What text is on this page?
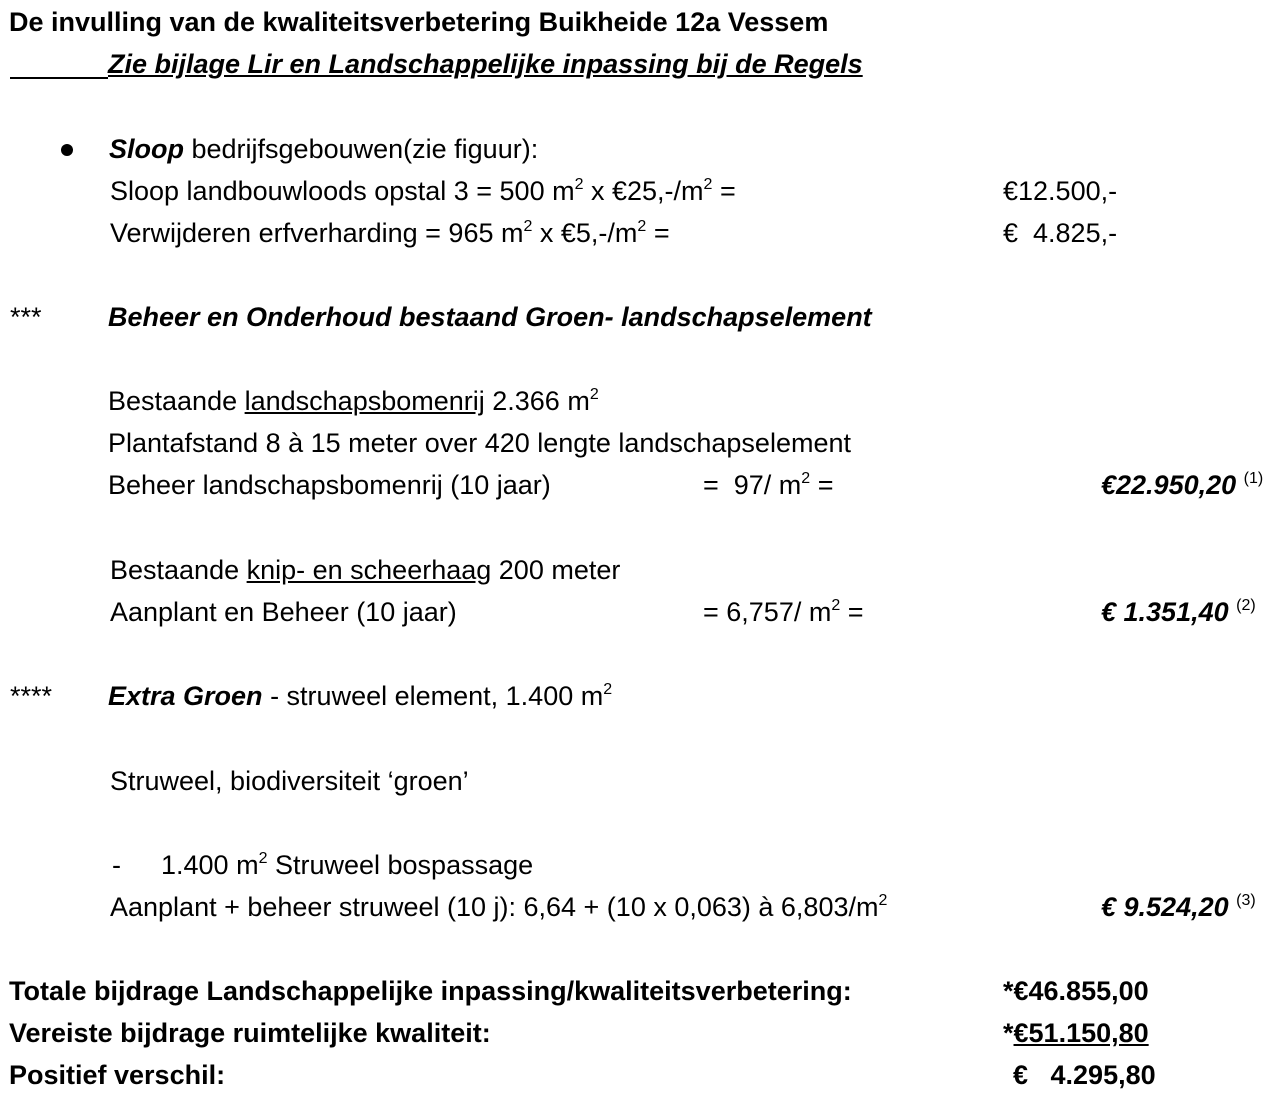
De invulling van de kwaliteitsverbetering Buikheide 12a Vessem
Zie bijlage Lir en Landschappelijke inpassing bij de Regels
Sloop bedrijfsgebouwen(zie figuur):
Sloop landbouwloods opstal 3 = 500 $m^2$ x $€25,-/m^2$ =	€12.500,-
Verwijderen erfverharding = 965 $m^2$ x $€5,-/m^2$ =	€  4.825,-
*** Beheer en Onderhoud bestaand Groen- landschapselement
Bestaande landschapsbomenrij 2.366 $m^2$
Plantafstand 8 à 15 meter over 420 lengte landschapselement
Beheer landschapsbomenrij (10 jaar)	=  97/ $m^2$ =	€22.950,20 $^{(1)}$
Bestaande knip- en scheerhaag 200 meter
Aanplant en Beheer (10 jaar)	= 6,757/ $m^2$ =	€ 1.351,40 $^{(2)}$
**** Extra Groen - struweel element, 1.400 $m^2$
Struweel, biodiversiteit ‘groen’
- 1.400 $m^2$ Struweel bospassage
Aanplant + beheer struweel (10 j): 6,64 + (10 x 0,063) à $6,803/m^2$	€ 9.524,20 $^{(3)}$
Totale bijdrage Landschappelijke inpassing/kwaliteitsverbetering:	*€46.855,00
Vereiste bijdrage ruimtelijke kwaliteit:	*€51.150,80
Positief verschil:	€   4.295,80
